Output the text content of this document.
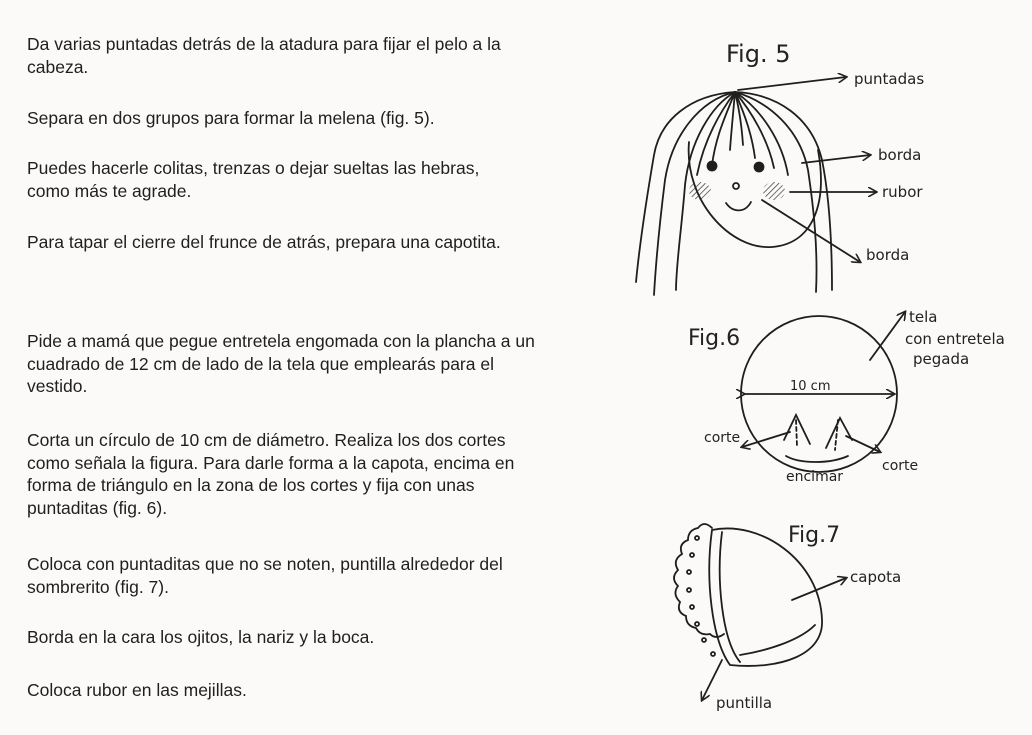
Da varias puntadas detrás de la atadura para fijar el pelo a la
cabeza.

Separa en dos grupos para formar la melena (fig. 5).

Puedes hacerle colitas, trenzas o dejar sueltas las hebras,
como más te agrade.

Para tapar el cierre del frunce de atrás, prepara una capotita.

Pide a mamá que pegue entretela engomada con la plancha a un
cuadrado de 12 cm de lado de la tela que emplearás para el
vestido.

Corta un círculo de 10 cm de diámetro. Realiza los dos cortes
como señala la figura. Para darle forma a la capota, encima en
forma de triángulo en la zona de los cortes y fija con unas
puntaditas (fig. 6).

Coloca con puntaditas que no se noten, puntilla alrededor del
sombrerito (fig. 7).

Borda en la cara los ojitos, la nariz y la boca.

Coloca rubor en las mejillas.

Fig. 5
puntadas
borda
rubor
borda
Fig.6
tela
con entretela
pegada
10 cm
corte
encimar
corte
Fig.7
capota
puntilla
